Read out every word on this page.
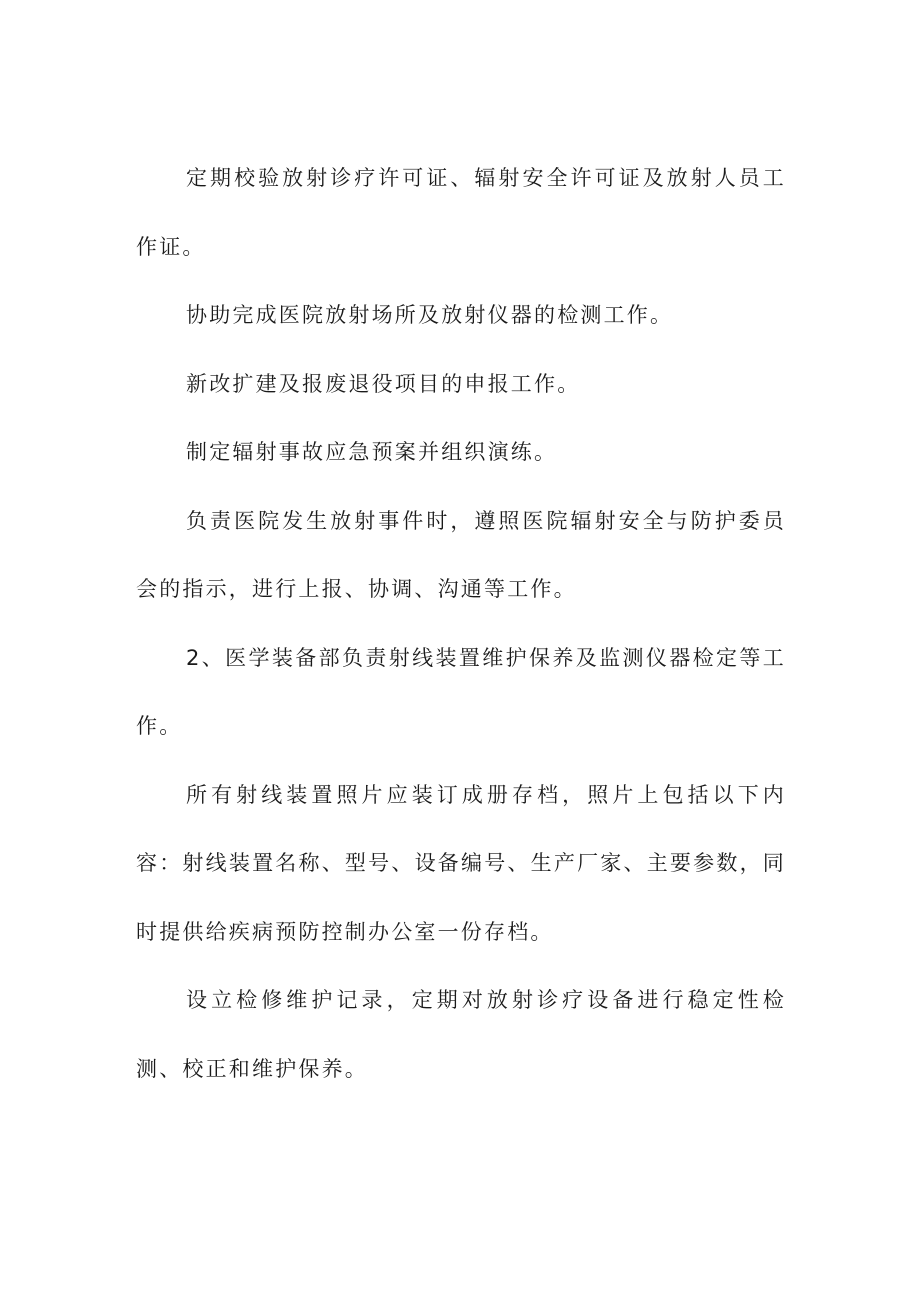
定期校验放射诊疗许可证、辐射安全许可证及放射人员工作证。

协助完成医院放射场所及放射仪器的检测工作。

新改扩建及报废退役项目的申报工作。

制定辐射事故应急预案并组织演练。

负责医院发生放射事件时，遵照医院辐射安全与防护委员会的指示，进行上报、协调、沟通等工作。

2、医学装备部负责射线装置维护保养及监测仪器检定等工作。

所有射线装置照片应装订成册存档，照片上包括以下内容：射线装置名称、型号、设备编号、生产厂家、主要参数，同时提供给疾病预防控制办公室一份存档。

设立检修维护记录，定期对放射诊疗设备进行稳定性检测、校正和维护保养。
